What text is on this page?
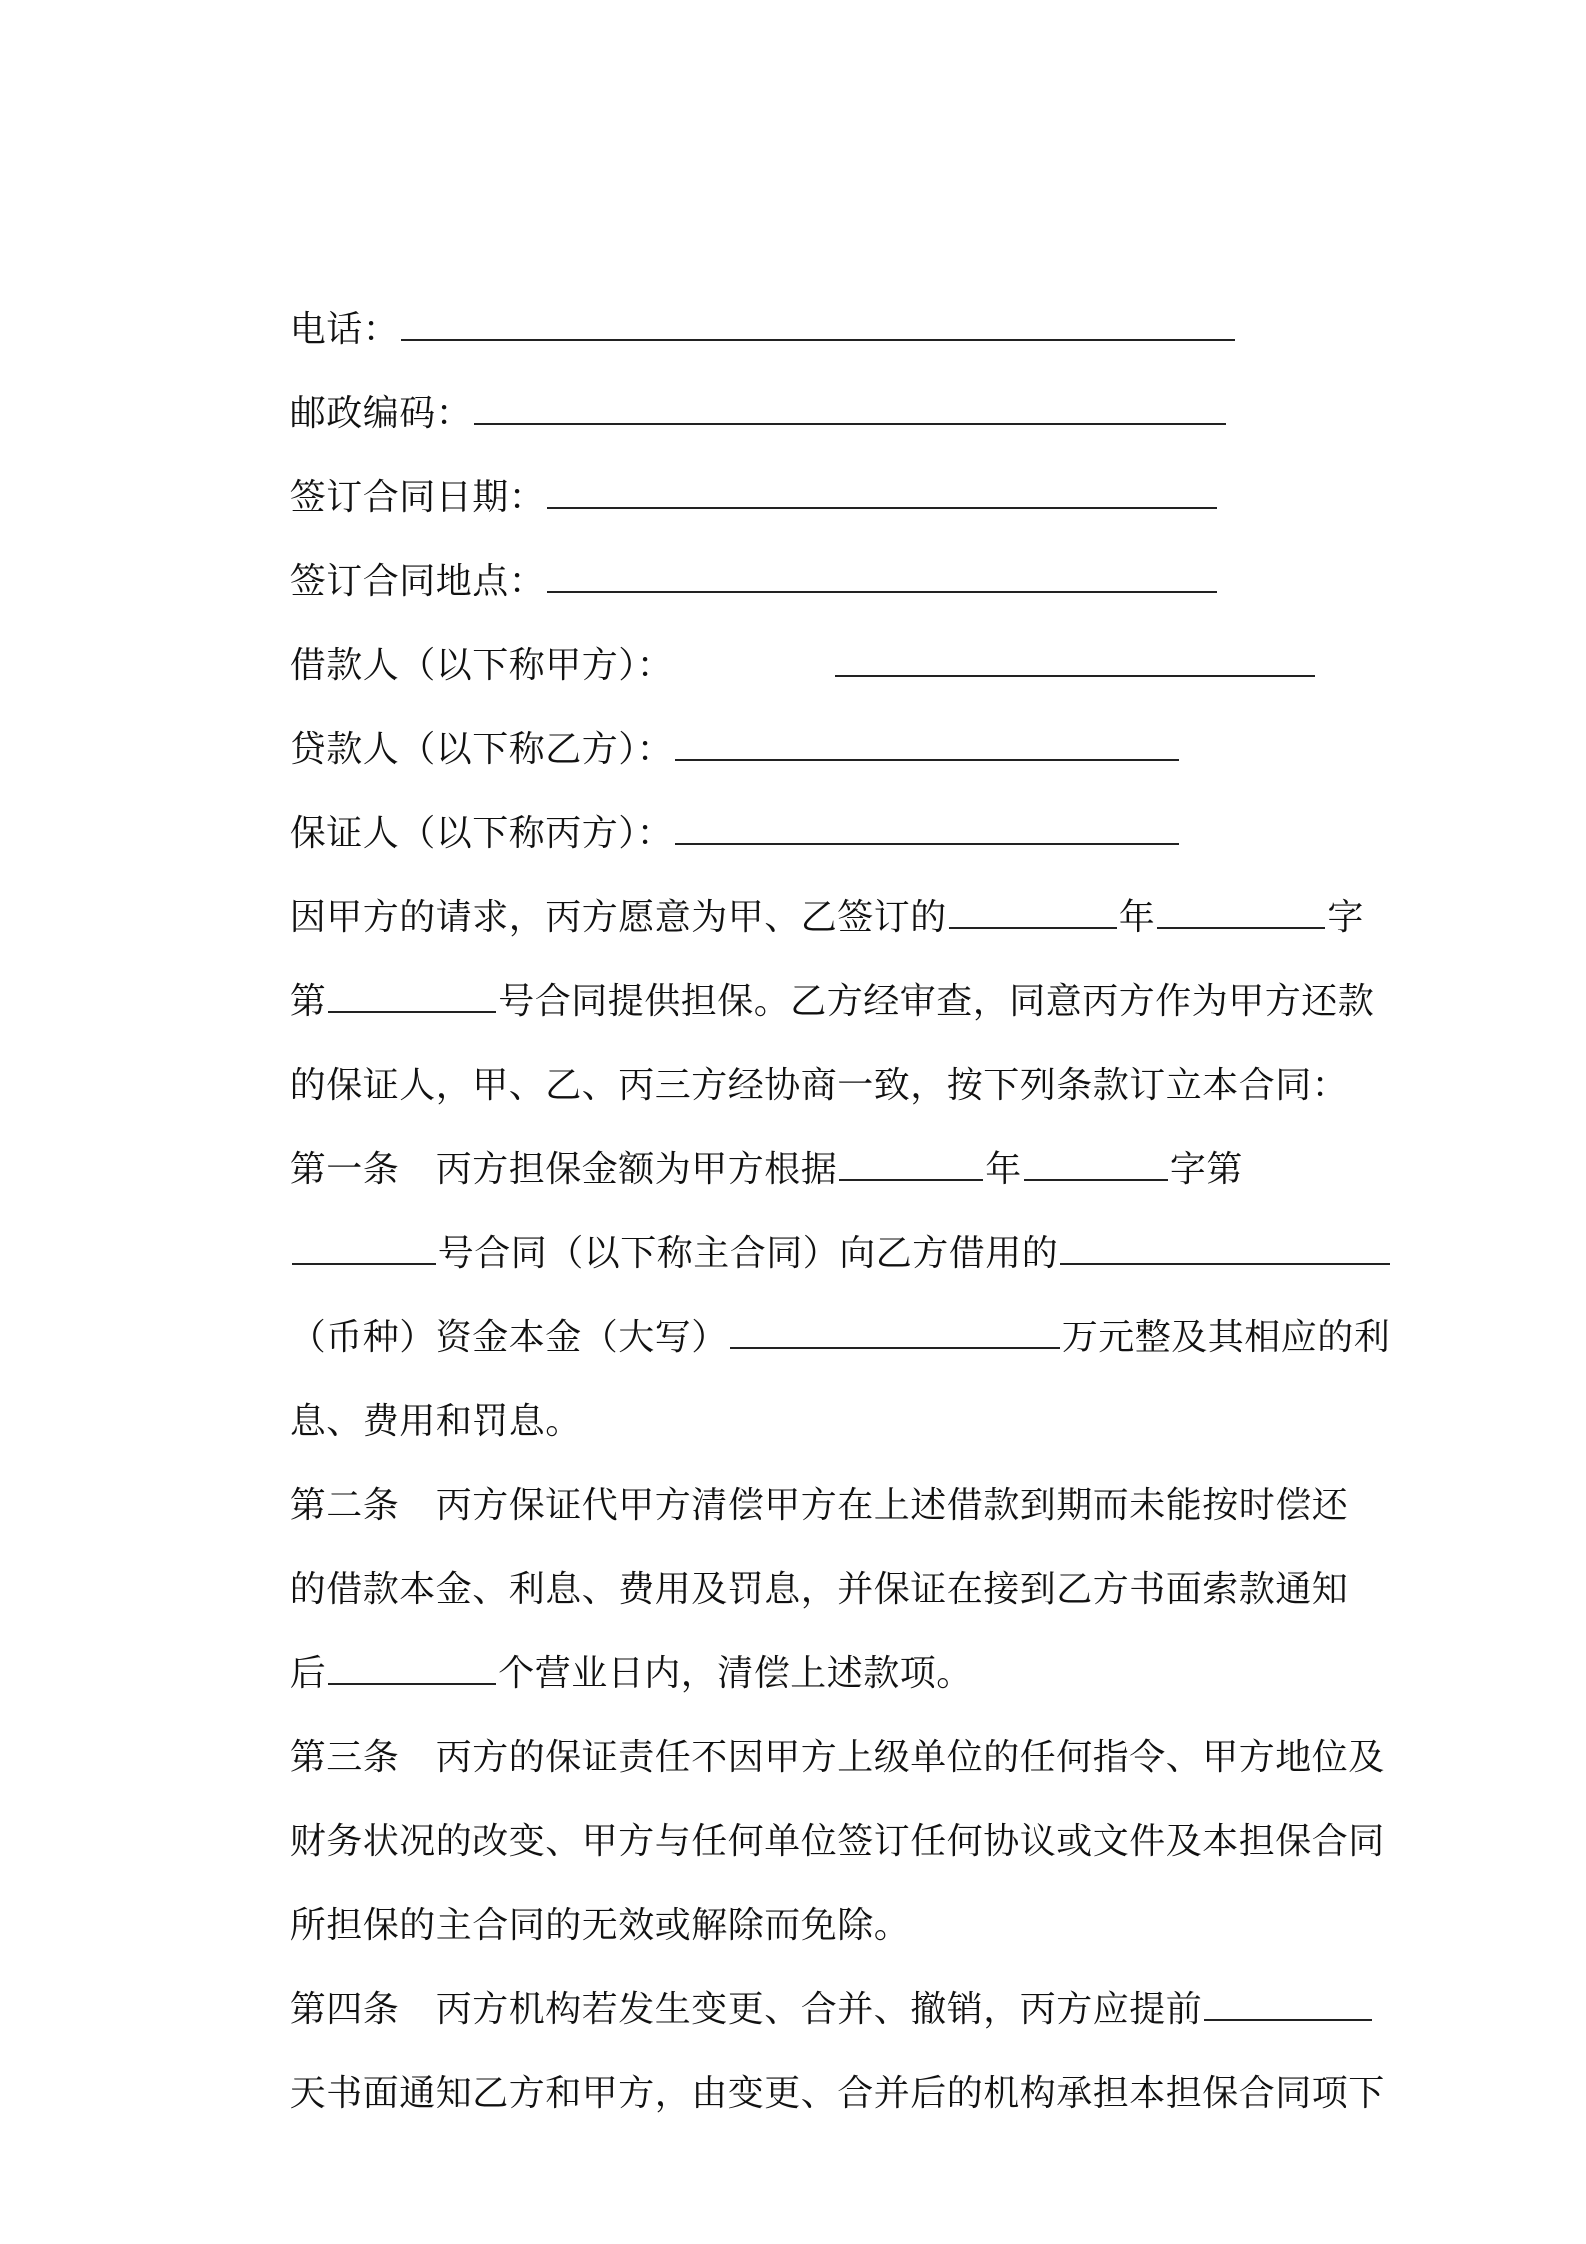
电话：

邮政编码：

签订合同日期：

签订合同地点：

借款人（以下称甲方）：

贷款人（以下称乙方）：

保证人（以下称丙方）：

因甲方的请求，丙方愿意为甲、乙签订的	年	字

第	号合同提供担保。乙方经审查，同意丙方作为甲方还款

的保证人，甲、乙、丙三方经协商一致，按下列条款订立本合同：

第一条　丙方担保金额为甲方根据	年	字第

号合同（以下称主合同）向乙方借用的

（币种）资金本金（大写）	万元整及其相应的利

息、费用和罚息。

第二条　丙方保证代甲方清偿甲方在上述借款到期而未能按时偿还

的借款本金、利息、费用及罚息，并保证在接到乙方书面索款通知

后	个营业日内，清偿上述款项。

第三条　丙方的保证责任不因甲方上级单位的任何指令、甲方地位及

财务状况的改变、甲方与任何单位签订任何协议或文件及本担保合同

所担保的主合同的无效或解除而免除。

第四条　丙方机构若发生变更、合并、撤销，丙方应提前

天书面通知乙方和甲方，由变更、合并后的机构承担本担保合同项下
